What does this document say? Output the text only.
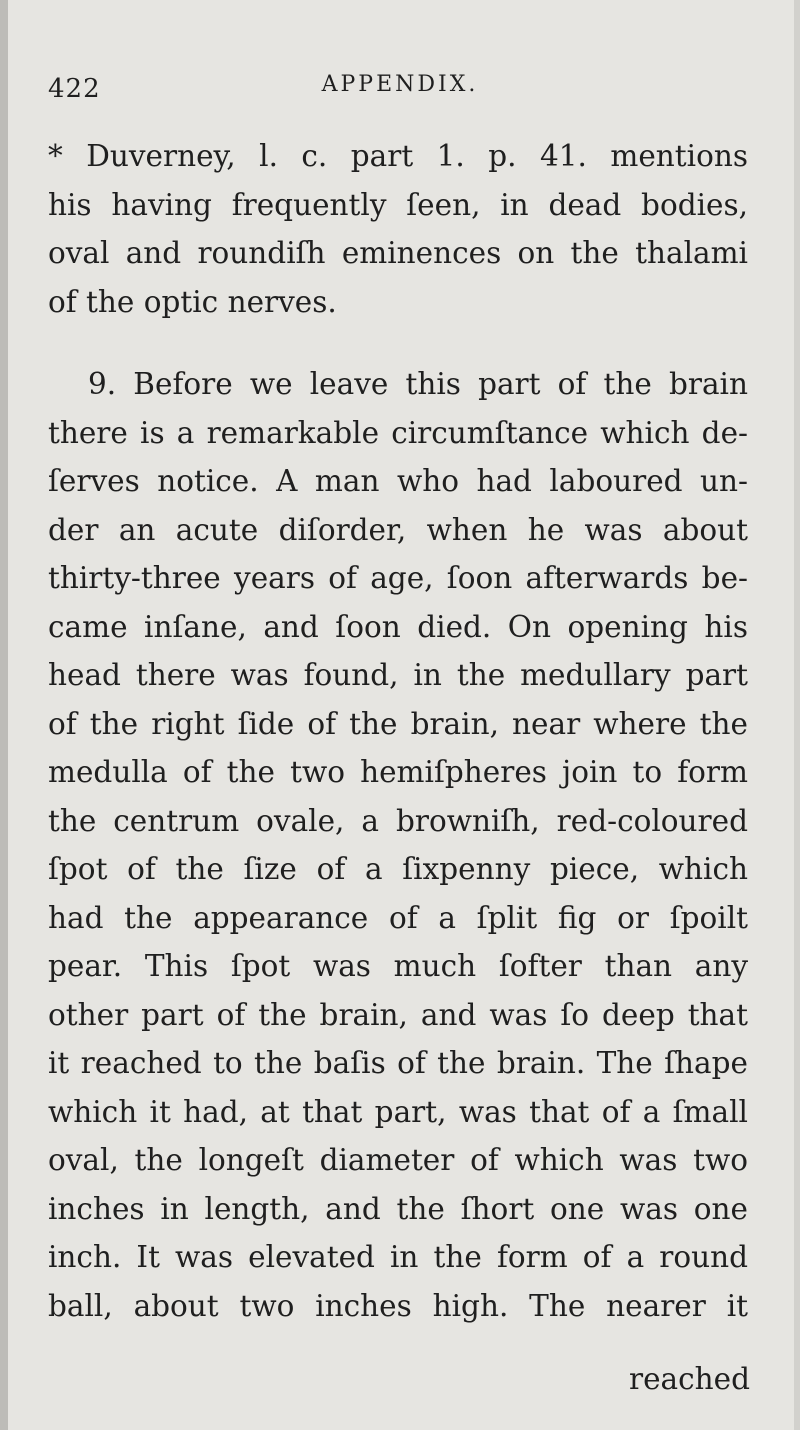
422	APPENDIX.
* Duverney, l. c. part 1. p. 41. mentions
his having frequently ſeen, in dead bodies,
oval and roundiſh eminences on the thalami
of the optic nerves.
9. Before we leave this part of the brain
there is a remarkable circumſtance which de-
ſerves notice. A man who had laboured un-
der an acute diſorder, when he was about
thirty-three years of age, ſoon afterwards be-
came inſane, and ſoon died. On opening his
head there was found, in the medullary part
of the right ſide of the brain, near where the
medulla of the two hemiſpheres join to form
the centrum ovale, a browniſh, red-coloured
ſpot of the ſize of a ſixpenny piece, which
had the appearance of a ſplit fig or ſpoilt
pear. This ſpot was much ſofter than any
other part of the brain, and was ſo deep that
it reached to the baſis of the brain. The ſhape
which it had, at that part, was that of a ſmall
oval, the longeſt diameter of which was two
inches in length, and the ſhort one was one
inch. It was elevated in the form of a round
ball, about two inches high. The nearer it
reached
